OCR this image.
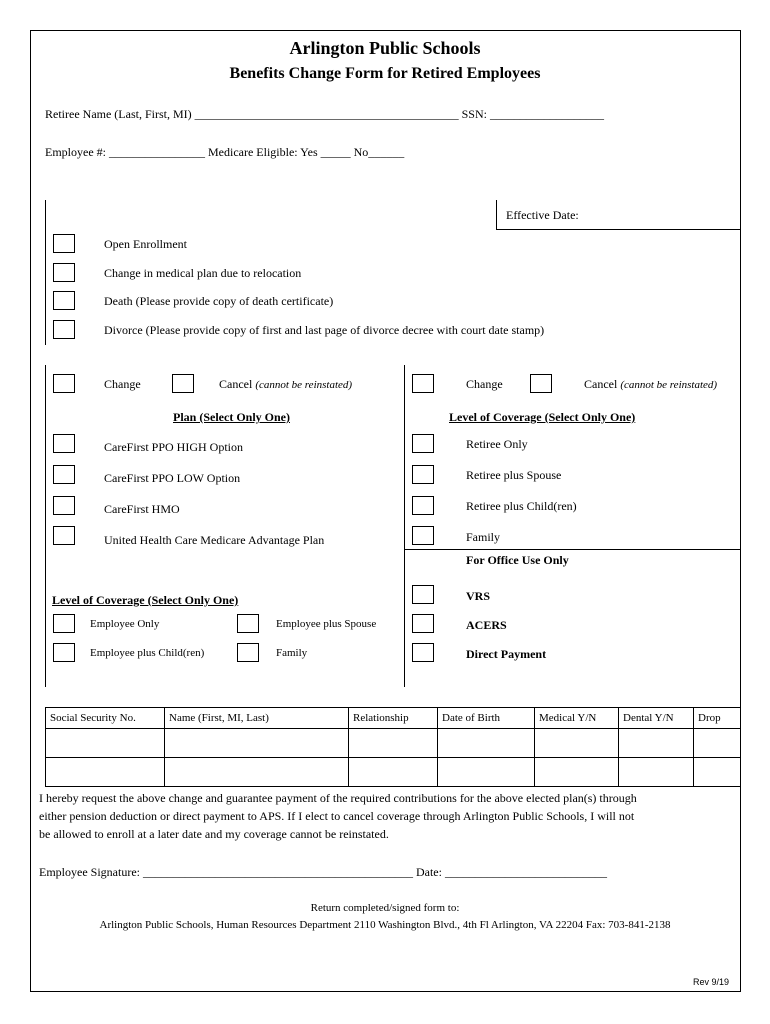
Arlington Public Schools
Benefits Change Form for Retired Employees
Retiree Name (Last, First, MI) ____________________________________________ SSN: ___________________
Employee #: ________________ Medicare Eligible: Yes _____ No______
Life Event (Select Only One)
Effective Date:
Open Enrollment
Change in medical plan due to relocation
Death (Please provide copy of death certificate)
Divorce (Please provide copy of first and last page of divorce decree with court date stamp)
Medical Coverage	Dental Coverage – Delta Dental
Change	Cancel (cannot be reinstated)
Plan (Select Only One)
CareFirst PPO HIGH Option
CareFirst PPO LOW Option
CareFirst HMO
United Health Care Medicare Advantage Plan
Level of Coverage (Select Only One)
Employee Only	Employee plus Spouse
Employee plus Child(ren)	Family
Change	Cancel (cannot be reinstated)
Level of Coverage (Select Only One)
Retiree Only
Retiree plus Spouse
Retiree plus Child(ren)
Family
For Office Use Only
VRS
ACERS
Direct Payment
Spouse/Dependent Information – Enter spouse/dependent to be dropped from coverage
Social Security No.	Name (First, MI, Last)	Relationship	Date of Birth	Medical Y/N	Dental Y/N	Drop

I hereby request the above change and guarantee payment of the required contributions for the above elected plan(s) through
either pension deduction or direct payment to APS. If I elect to cancel coverage through Arlington Public Schools, I will not
be allowed to enroll at a later date and my coverage cannot be reinstated.
Employee Signature: _____________________________________________ Date: ___________________________
Return completed/signed form to:
Arlington Public Schools, Human Resources Department 2110 Washington Blvd., 4th Fl Arlington, VA 22204 Fax: 703-841-2138
Rev 9/19
